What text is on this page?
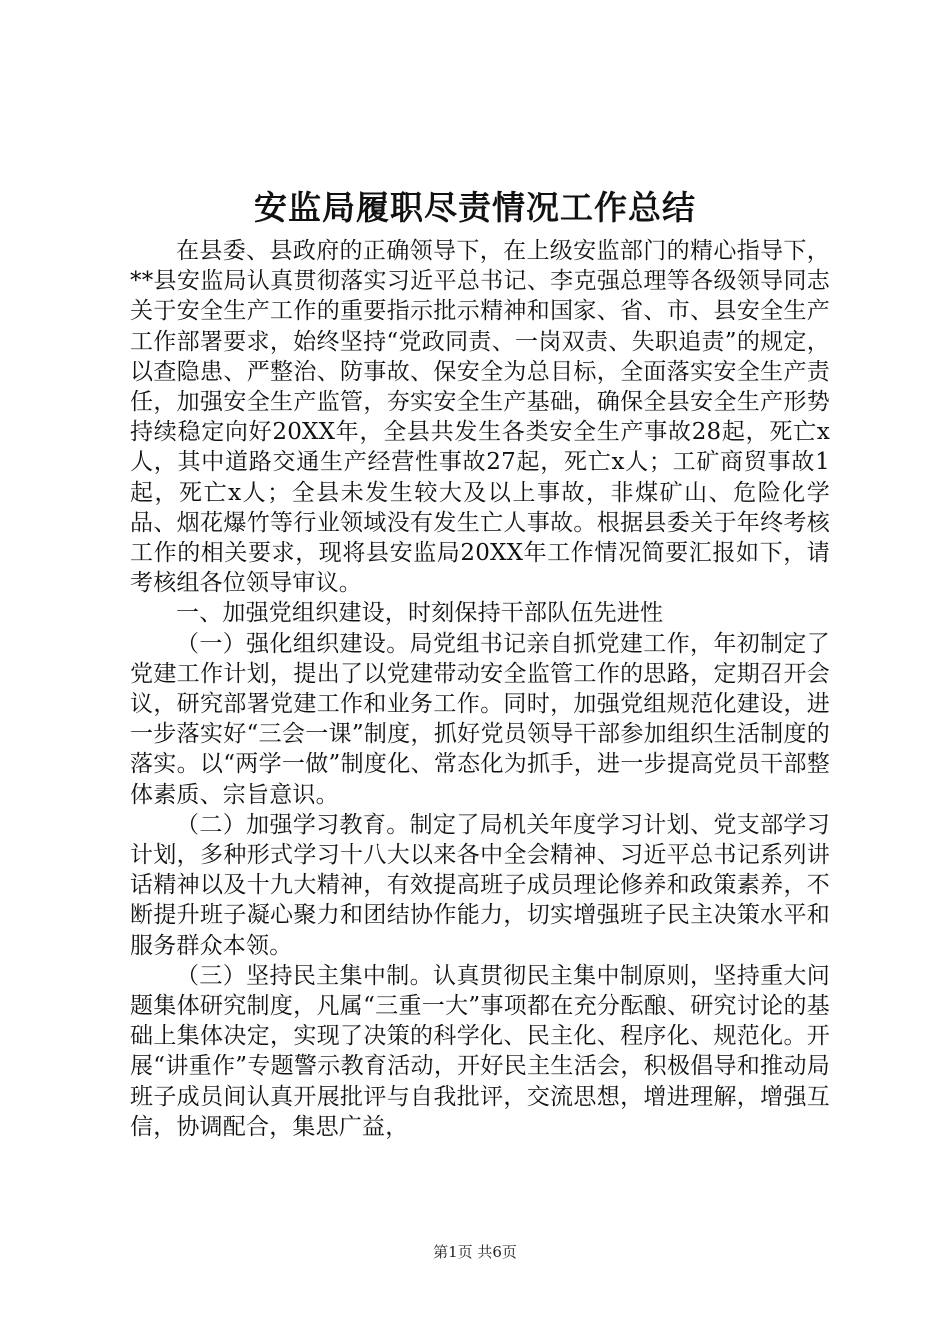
安监局履职尽责情况工作总结

在县委、县政府的正确领导下，在上级安监部门的精心指导下，**县安监局认真贯彻落实习近平总书记、李克强总理等各级领导同志关于安全生产工作的重要指示批示精神和国家、省、市、县安全生产工作部署要求，始终坚持“党政同责、一岗双责、失职追责”的规定，以查隐患、严整治、防事故、保安全为总目标，全面落实安全生产责任，加强安全生产监管，夯实安全生产基础，确保全县安全生产形势持续稳定向好20XX年，全县共发生各类安全生产事故28起，死亡x人，其中道路交通生产经营性事故27起，死亡x人；工矿商贸事故1起，死亡x人；全县未发生较大及以上事故，非煤矿山、危险化学品、烟花爆竹等行业领域没有发生亡人事故。根据县委关于年终考核工作的相关要求，现将县安监局20XX年工作情况简要汇报如下，请考核组各位领导审议。

一、加强党组织建设，时刻保持干部队伍先进性

（一）强化组织建设。局党组书记亲自抓党建工作，年初制定了党建工作计划，提出了以党建带动安全监管工作的思路，定期召开会议，研究部署党建工作和业务工作。同时，加强党组规范化建设，进一步落实好“三会一课”制度，抓好党员领导干部参加组织生活制度的落实。以“两学一做”制度化、常态化为抓手，进一步提高党员干部整体素质、宗旨意识。

（二）加强学习教育。制定了局机关年度学习计划、党支部学习计划，多种形式学习十八大以来各中全会精神、习近平总书记系列讲话精神以及十九大精神，有效提高班子成员理论修养和政策素养，不断提升班子凝心聚力和团结协作能力，切实增强班子民主决策水平和服务群众本领。

（三）坚持民主集中制。认真贯彻民主集中制原则，坚持重大问题集体研究制度，凡属“三重一大”事项都在充分酝酿、研究讨论的基础上集体决定，实现了决策的科学化、民主化、程序化、规范化。开展“讲重作”专题警示教育活动，开好民主生活会，积极倡导和推动局班子成员间认真开展批评与自我批评，交流思想，增进理解，增强互信，协调配合，集思广益，

第1页 共6页
